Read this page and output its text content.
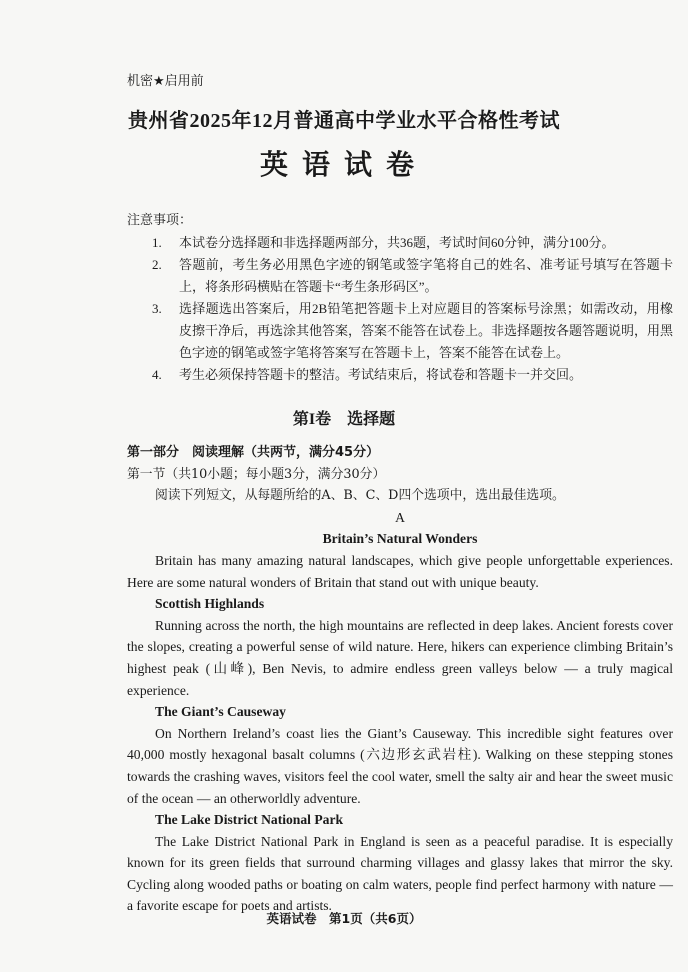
机密★启用前
贵州省2025年12月普通高中学业水平合格性考试
英语试卷
注意事项：
1.	本试卷分选择题和非选择题两部分，共36题，考试时间60分钟，满分100分。
2.	答题前，考生务必用黑色字迹的钢笔或签字笔将自己的姓名、准考证号填写在答题卡上，将条形码横贴在答题卡“考生条形码区”。
3.	选择题选出答案后，用2B铅笔把答题卡上对应题目的答案标号涂黑；如需改动，用橡皮擦干净后，再选涂其他答案，答案不能答在试卷上。非选择题按各题答题说明，用黑色字迹的钢笔或签字笔将答案写在答题卡上，答案不能答在试卷上。
4.	考生必须保持答题卡的整洁。考试结束后，将试卷和答题卡一并交回。
第I卷　选择题
第一部分　阅读理解（共两节，满分45分）
第一节（共10小题；每小题3分，满分30分）
阅读下列短文，从每题所给的A、B、C、D四个选项中，选出最佳选项。
A
Britain’s Natural Wonders

Britain has many amazing natural landscapes, which give people unforgettable experiences. Here are some natural wonders of Britain that stand out with unique beauty.

Scottish Highlands

Running across the north, the high mountains are reflected in deep lakes. Ancient forests cover the slopes, creating a powerful sense of wild nature. Here, hikers can experience climbing Britain’s highest peak (山峰), Ben Nevis, to admire endless green valleys below — a truly magical experience.

The Giant’s Causeway

On Northern Ireland’s coast lies the Giant’s Causeway. This incredible sight features over 40,000 mostly hexagonal basalt columns (六边形玄武岩柱). Walking on these stepping stones towards the crashing waves, visitors feel the cool water, smell the salty air and hear the sweet music of the ocean — an otherworldly adventure.

The Lake District National Park

The Lake District National Park in England is seen as a peaceful paradise. It is especially known for its green fields that surround charming villages and glassy lakes that mirror the sky. Cycling along wooded paths or boating on calm waters, people find perfect harmony with nature — a favorite escape for poets and artists.

英语试卷　第1页（共6页）
